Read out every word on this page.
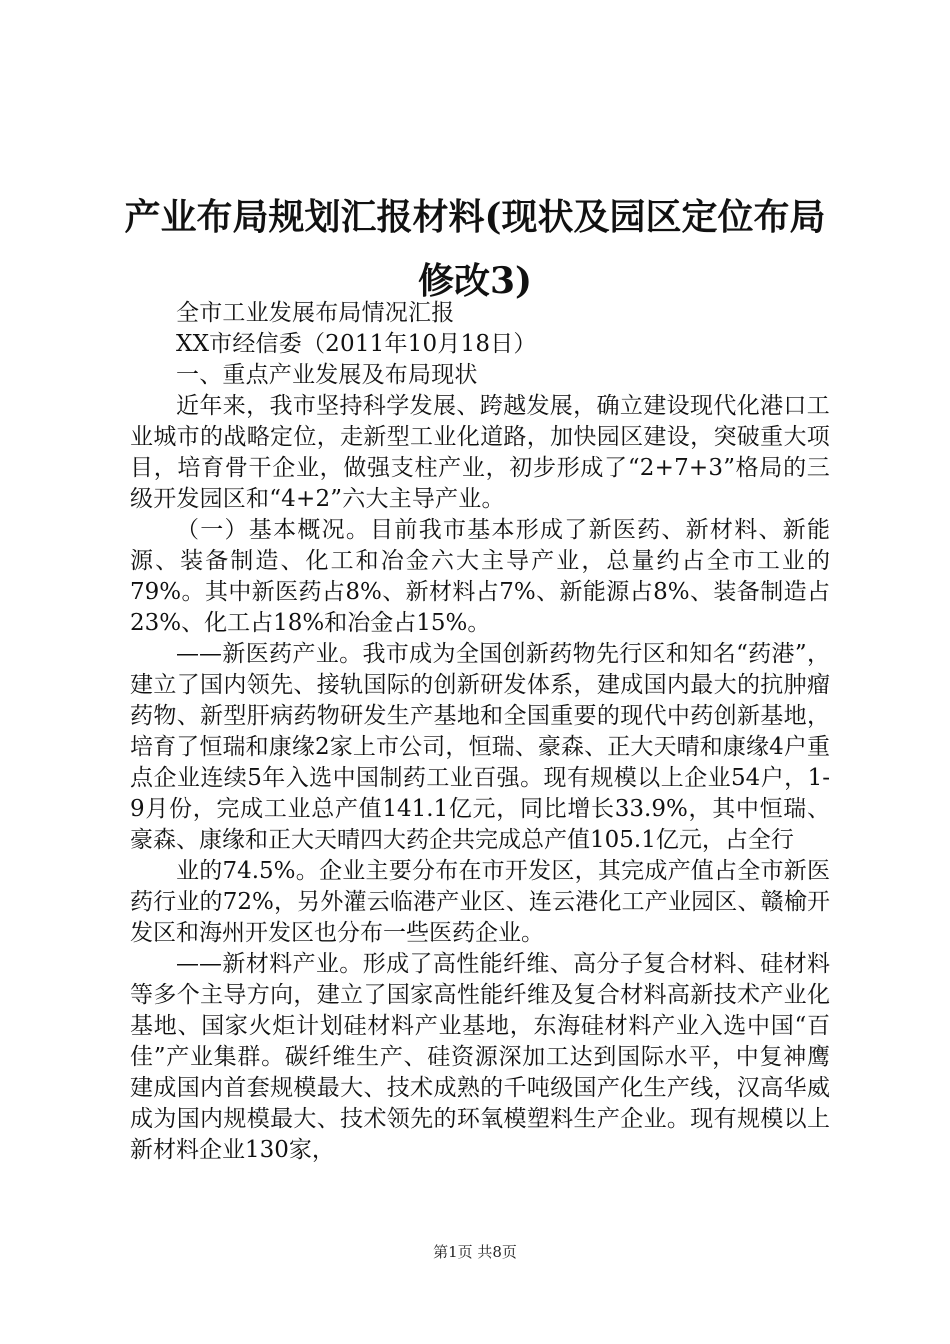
产业布局规划汇报材料(现状及园区定位布局
修改3)

全市工业发展布局情况汇报

XX市经信委（2011年10月18日）

一、重点产业发展及布局现状

近年来，我市坚持科学发展、跨越发展，确立建设现代化港口工业城市的战略定位，走新型工业化道路，加快园区建设，突破重大项目，培育骨干企业，做强支柱产业，初步形成了“2+7+3”格局的三级开发园区和“4+2”六大主导产业。

（一）基本概况。目前我市基本形成了新医药、新材料、新能源、装备制造、化工和冶金六大主导产业，总量约占全市工业的79%。其中新医药占8%、新材料占7%、新能源占8%、装备制造占23%、化工占18%和冶金占15%。

——新医药产业。我市成为全国创新药物先行区和知名“药港”，建立了国内领先、接轨国际的创新研发体系，建成国内最大的抗肿瘤药物、新型肝病药物研发生产基地和全国重要的现代中药创新基地，培育了恒瑞和康缘2家上市公司，恒瑞、豪森、正大天晴和康缘4户重点企业连续5年入选中国制药工业百强。现有规模以上企业54户，1-9月份，完成工业总产值141.1亿元，同比增长33.9%，其中恒瑞、豪森、康缘和正大天晴四大药企共完成总产值105.1亿元，占全行

业的74.5%。企业主要分布在市开发区，其完成产值占全市新医药行业的72%，另外灌云临港产业区、连云港化工产业园区、赣榆开发区和海州开发区也分布一些医药企业。

——新材料产业。形成了高性能纤维、高分子复合材料、硅材料等多个主导方向，建立了国家高性能纤维及复合材料高新技术产业化基地、国家火炬计划硅材料产业基地，东海硅材料产业入选中国“百佳”产业集群。碳纤维生产、硅资源深加工达到国际水平，中复神鹰建成国内首套规模最大、技术成熟的千吨级国产化生产线，汉高华威成为国内规模最大、技术领先的环氧模塑料生产企业。现有规模以上新材料企业130家，

第1页 共8页
